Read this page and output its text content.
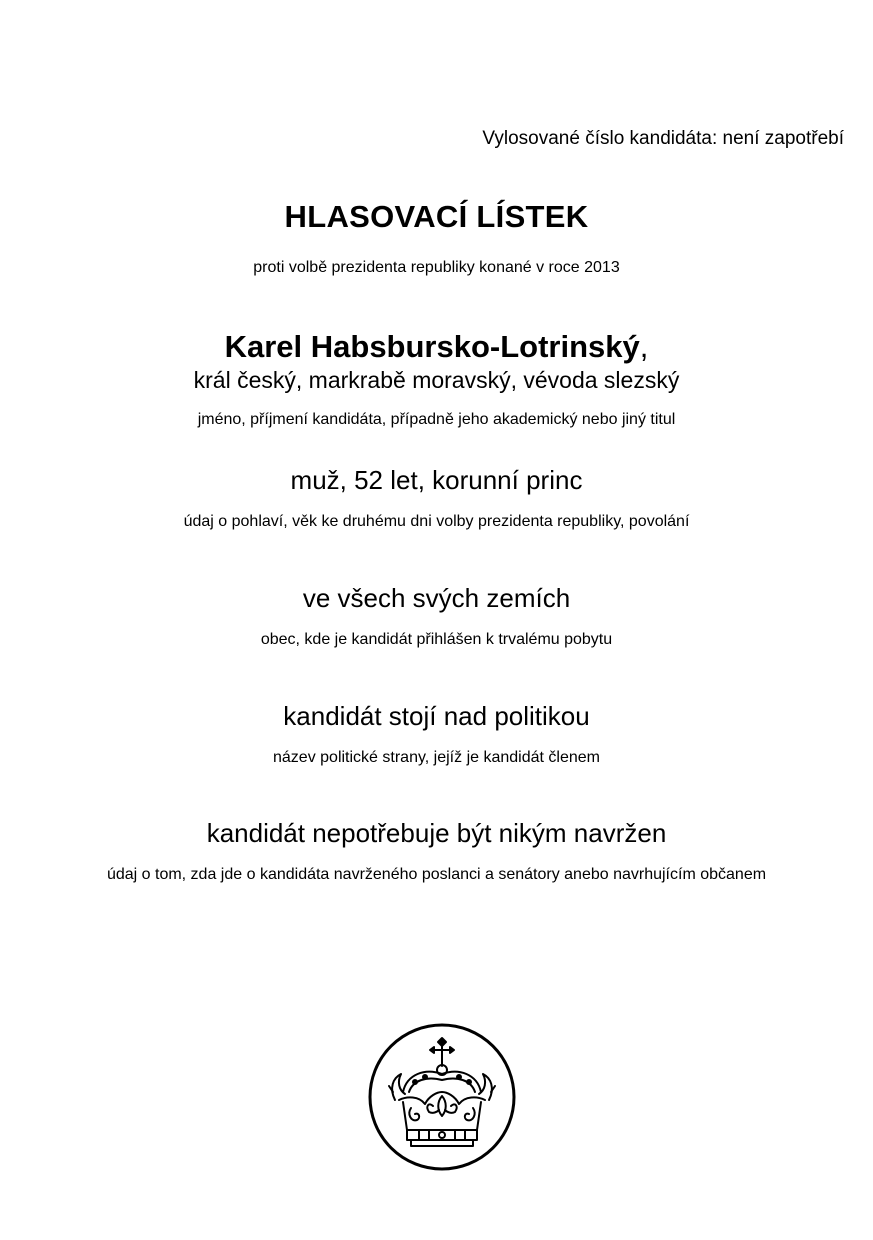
Vylosované číslo kandidáta: není zapotřebí
HLASOVACÍ LÍSTEK
proti volbě prezidenta republiky konané v roce 2013
Karel Habsbursko-Lotrinský,
král český, markrabě moravský, vévoda slezský
jméno, příjmení kandidáta, případně jeho akademický nebo jiný titul
muž, 52 let, korunní princ
údaj o pohlaví, věk ke druhému dni volby prezidenta republiky, povolání
ve všech svých zemích
obec, kde je kandidát přihlášen k trvalému pobytu
kandidát stojí nad politikou
název politické strany, jejíž je kandidát členem
kandidát nepotřebuje být nikým navržen
údaj o tom, zda jde o kandidáta navrženého poslanci a senátory anebo navrhujícím občanem
